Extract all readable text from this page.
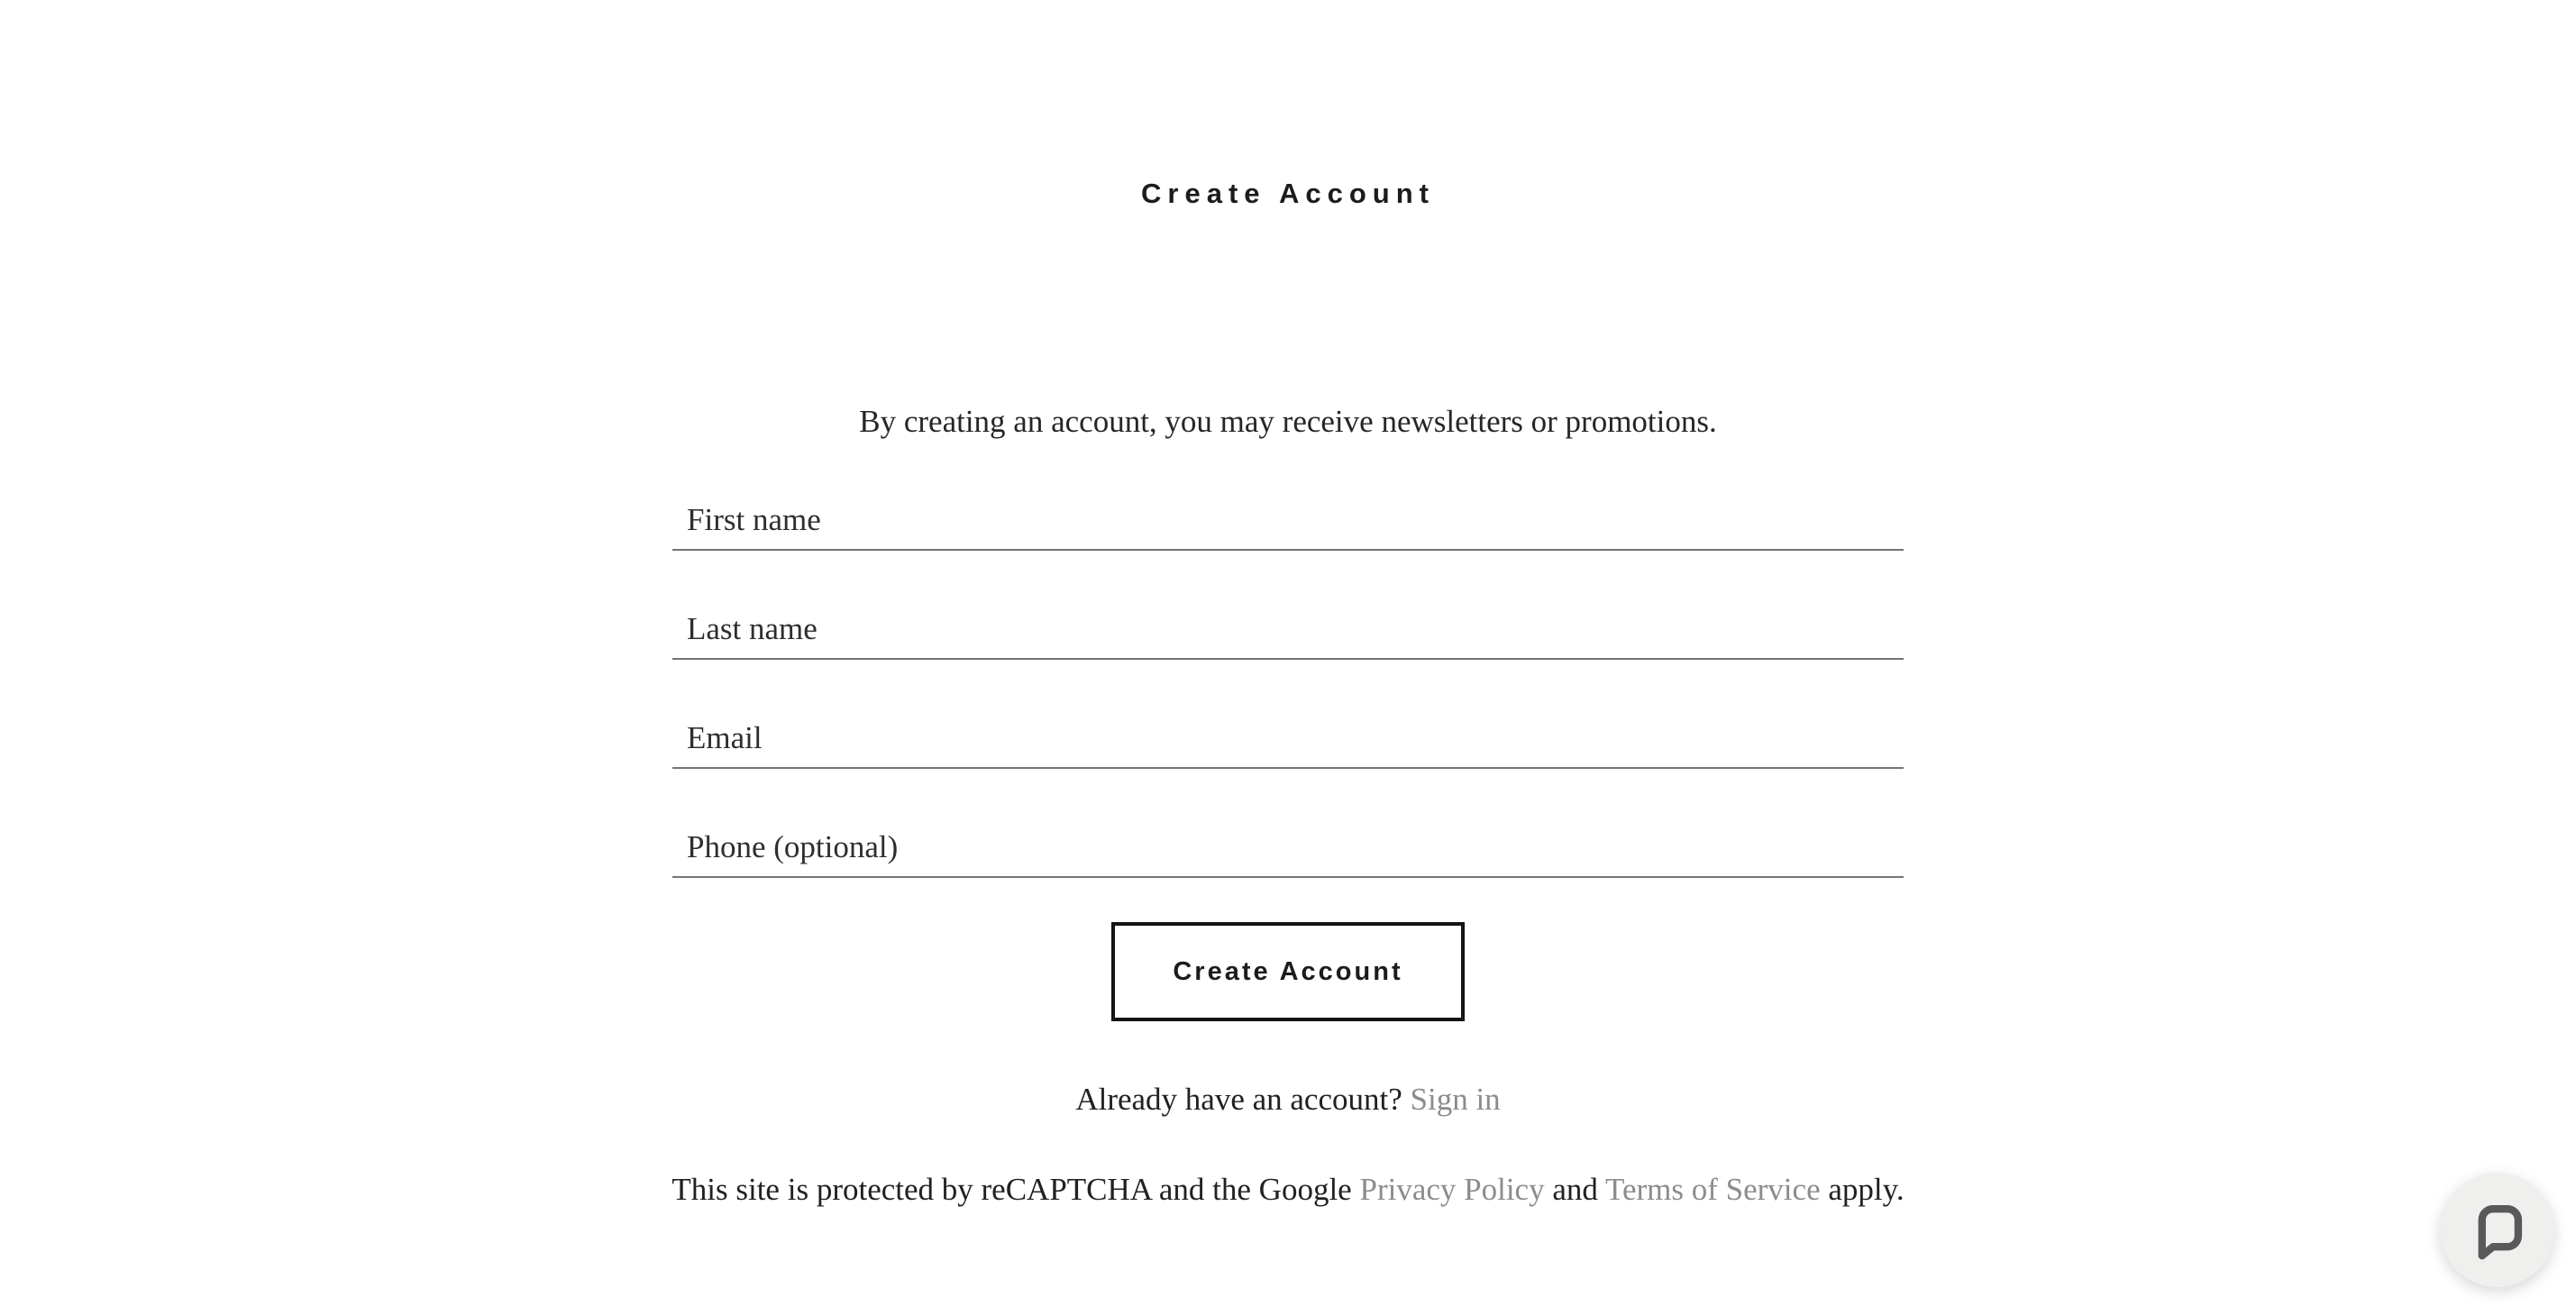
Create Account

By creating an account, you may receive newsletters or promotions.

First name
Last name
Email
Phone (optional)
Create Account

Already have an account? Sign in

This site is protected by reCAPTCHA and the Google Privacy Policy and Terms of Service apply.
